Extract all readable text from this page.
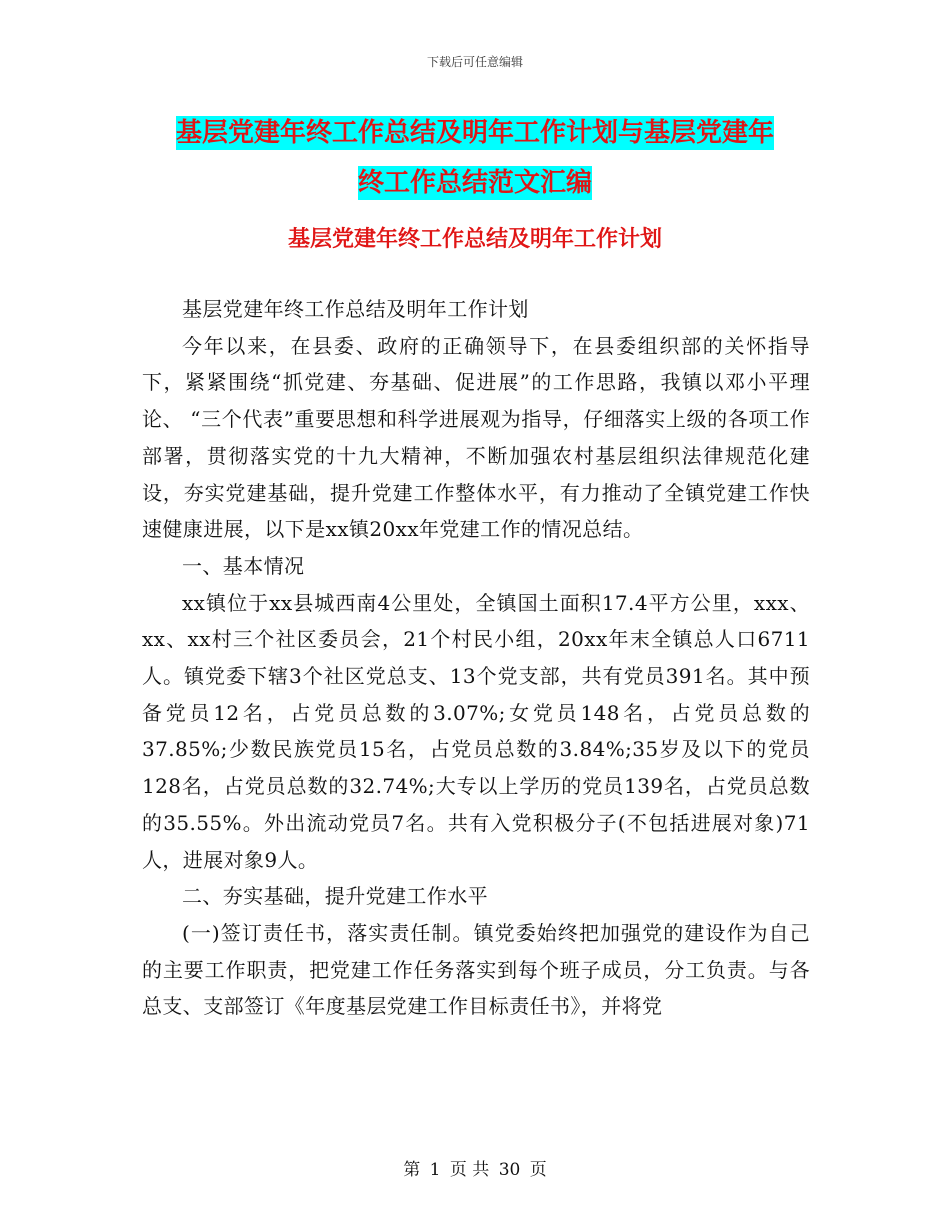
下载后可任意编辑
基层党建年终工作总结及明年工作计划与基层党建年
终工作总结范文汇编
基层党建年终工作总结及明年工作计划

基层党建年终工作总结及明年工作计划

今年以来，在县委、政府的正确领导下，在县委组织部的关怀指导下，紧紧围绕“抓党建、夯基础、促进展”的工作思路，我镇以邓小平理论、 “三个代表”重要思想和科学进展观为指导，仔细落实上级的各项工作部署，贯彻落实党的十九大精神，不断加强农村基层组织法律规范化建设，夯实党建基础，提升党建工作整体水平，有力推动了全镇党建工作快速健康进展，以下是xx镇20xx年党建工作的情况总结。

一、基本情况

xx镇位于xx县城西南4公里处，全镇国土面积17.4平方公里，xxx、xx、xx村三个社区委员会，21个村民小组，20xx年末全镇总人口6711人。镇党委下辖3个社区党总支、13个党支部，共有党员391名。其中预备党员12名，占党员总数的3.07%;女党员148名，占党员总数的37.85%;少数民族党员15名，占党员总数的3.84%;35岁及以下的党员128名，占党员总数的32.74%;大专以上学历的党员139名，占党员总数的35.55%。外出流动党员7名。共有入党积极分子(不包括进展对象)71人，进展对象9人。

二、夯实基础，提升党建工作水平

(一)签订责任书，落实责任制。镇党委始终把加强党的建设作为自己的主要工作职责，把党建工作任务落实到每个班子成员，分工负责。与各总支、支部签订《年度基层党建工作目标责任书》，并将党

第 1 页 共 30 页
